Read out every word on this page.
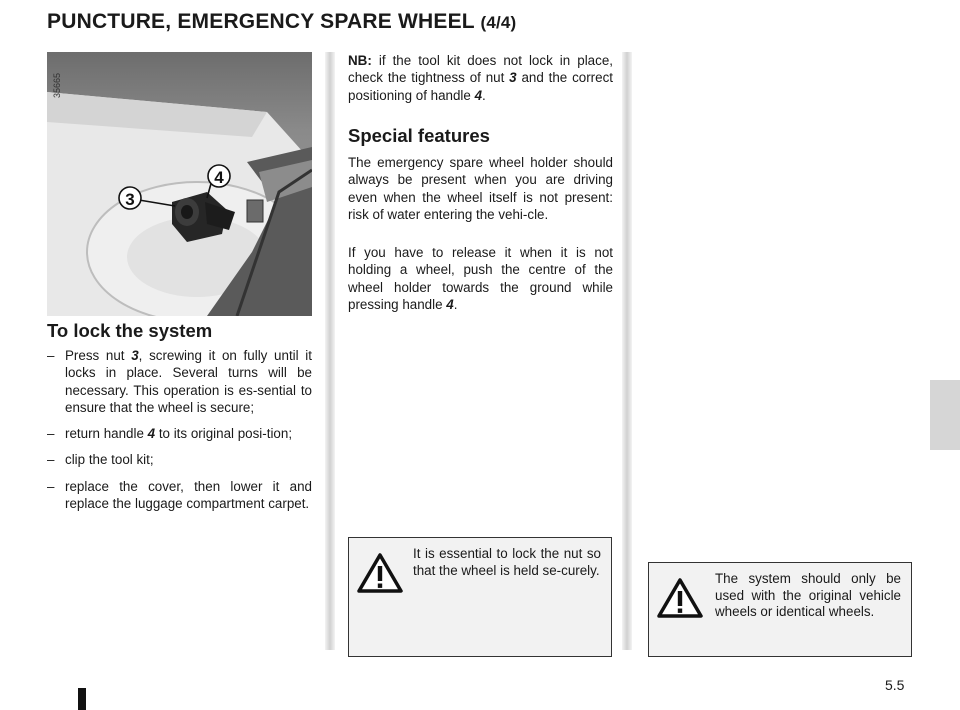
PUNCTURE, EMERGENCY SPARE WHEEL (4/4)
3
4
35665
To lock the system
– Press nut 3, screwing it on fully until it locks in place. Several turns will be necessary. This operation is es-sential to ensure that the wheel is secure;
– return handle 4 to its original posi-tion;
– clip the tool kit;
– replace the cover, then lower it and replace the luggage compartment carpet.

NB: if the tool kit does not lock in place, check the tightness of nut 3 and the correct positioning of handle 4.

Special features

The emergency spare wheel holder should always be present when you are driving even when the wheel itself is not present: risk of water entering the vehi-cle.

If you have to release it when it is not holding a wheel, push the centre of the wheel holder towards the ground while pressing handle 4.

It is essential to lock the nut so that the wheel is held se-curely.
The system should only be used with the original vehicle wheels or identical wheels.
5.5
